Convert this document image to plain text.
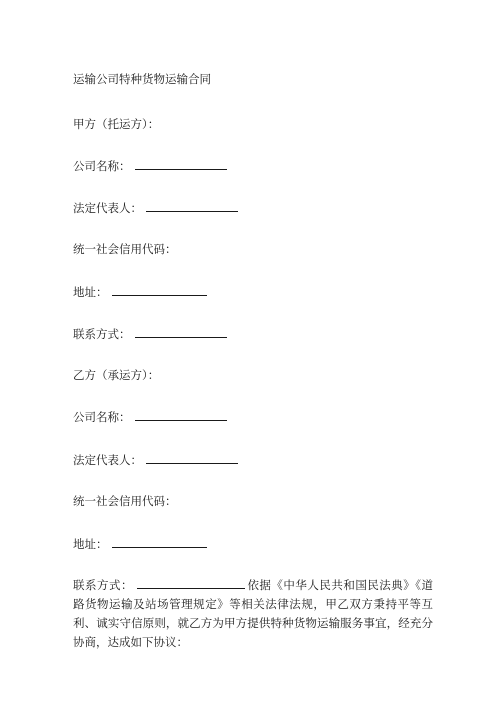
运输公司特种货物运输合同
甲方（托运方）：
公司名称：
法定代表人：
统一社会信用代码：
地址：
联系方式：
乙方（承运方）：
公司名称：
法定代表人：
统一社会信用代码：
地址：
联系方式：	依据《中华人民共和国民法典》《道路货物运输及站场管理规定》等相关法律法规，甲乙双方秉持平等互利、诚实守信原则，就乙方为甲方提供特种货物运输服务事宜，经充分协商，达成如下协议：
